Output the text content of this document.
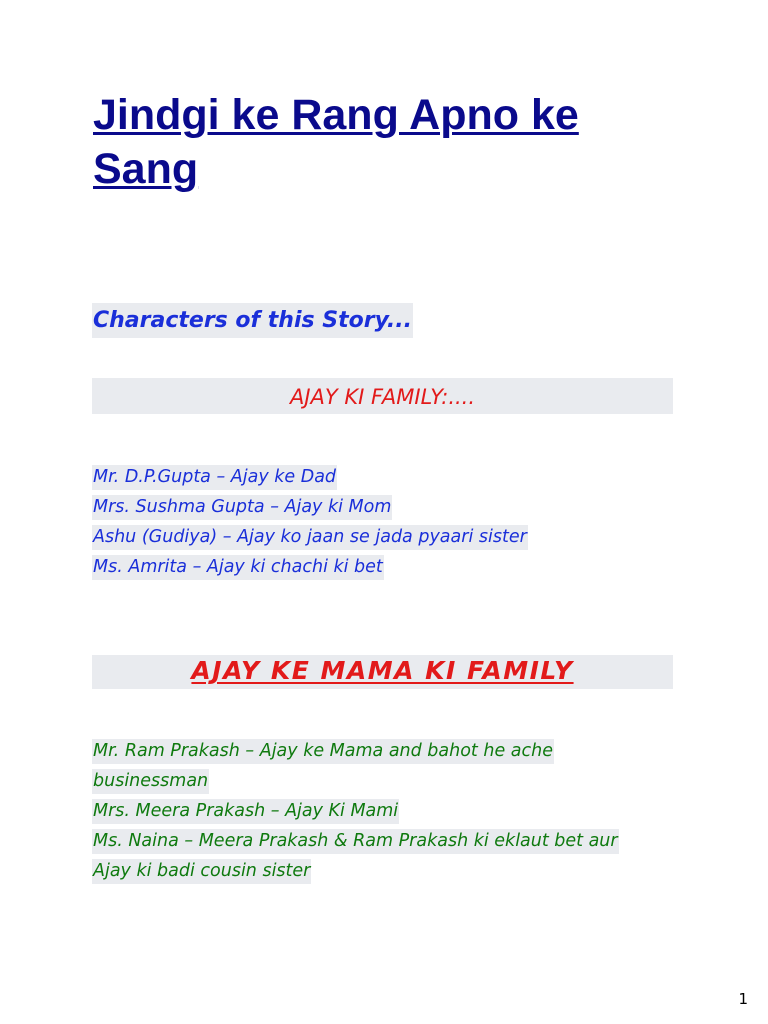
Jindgi ke Rang Apno ke Sang
Characters of this Story...
AJAY KI FAMILY:....
Mr. D.P.Gupta – Ajay ke Dad
Mrs. Sushma Gupta – Ajay ki Mom
Ashu (Gudiya) – Ajay ko jaan se jada pyaari sister
Ms. Amrita – Ajay ki chachi ki bet
AJAY KE MAMA KI FAMILY
Mr. Ram Prakash – Ajay ke Mama and bahot he ache businessman
Mrs. Meera Prakash – Ajay Ki Mami
Ms. Naina – Meera Prakash & Ram Prakash ki eklaut bet aur Ajay ki badi cousin sister
1
